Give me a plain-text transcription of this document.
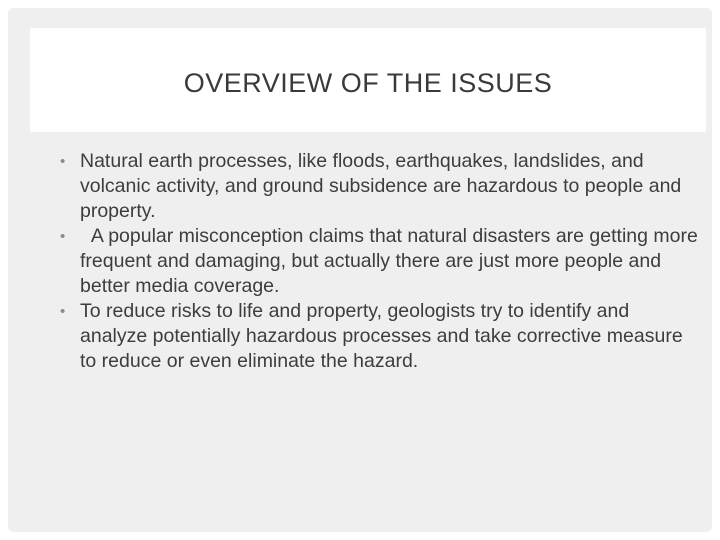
OVERVIEW OF THE ISSUES
• Natural earth processes, like floods, earthquakes, landslides, and volcanic activity, and ground subsidence are hazardous to people and property.
• A popular misconception claims that natural disasters are getting more frequent and damaging, but actually there are just more people and better media coverage.
• To reduce risks to life and property, geologists try to identify and analyze potentially hazardous processes and take corrective measure to reduce or even eliminate the hazard.
